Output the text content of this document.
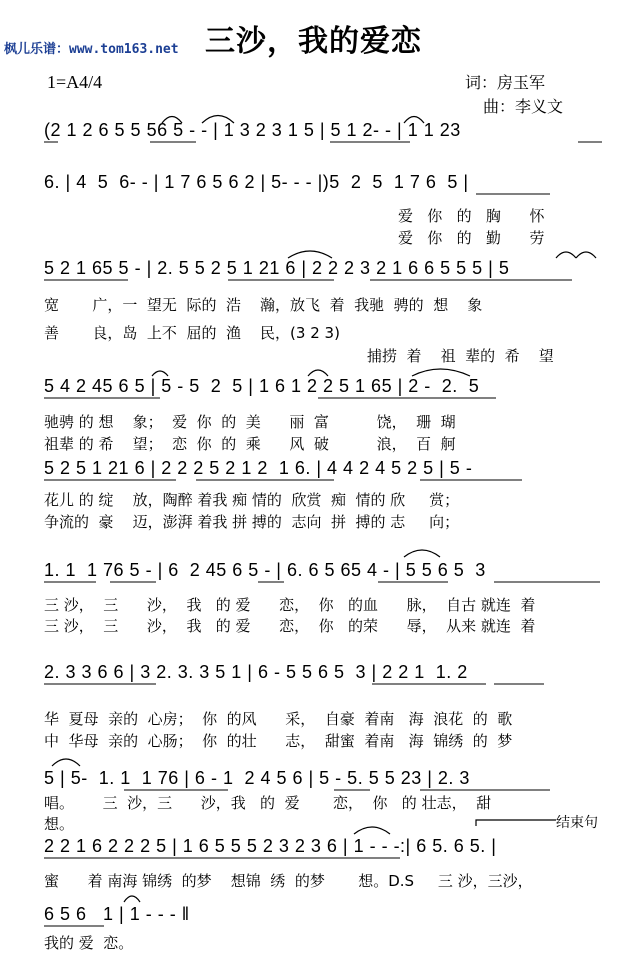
枫儿乐谱：www.tom163.net 三沙，我的爱恋
1=A4/4	词：房玉军
曲：李义文
(2 1 2 6 5 5 56 5 - - | 1 3 2 3 1 5 | 5 1 2- - | 1 1 23
6. | 4  5  6- - | 1 7 6 5 6 2 | 5- - - |)5  2  5  1 7 6  5 |
爱   你   的   胸      怀
爱   你   的   勤      劳
5 2 1 65 5 - | 2. 5 5 2 5 1 21 6 | 2 2 2 3 2 1 6 6 5 5 5 | 5
宽       广，一  望无  际的  浩    瀚，放飞  着  我驰  骋的  想    象
善       良，岛  上不  屈的  渔    民，(3 2 3)
捕捞  着    祖  辈的  希    望
5 4 2 45 6 5 | 5 - 5  2  5 | 1 6 1 2 2 5 1 65 | 2 -  2.  5
驰骋 的 想    象；  爱  你  的  美      丽  富          饶，  珊  瑚
祖辈 的 希    望；  恋  你  的  乘      风  破          浪，  百  舸
5 2 5 1 21 6 | 2 2 2 5 2 1 2  1 6. | 4 4 2 4 5 2 5 | 5 -
花儿 的 绽    放，陶醉 着我 痴 情的  欣赏  痴  情的 欣     赏；
争流的  豪    迈，澎湃 着我 拼 搏的  志向  拼  搏的 志     向；
1. 1  1 76 5 - | 6  2 45 6 5 - | 6. 6 5 65 4 - | 5 5 6 5  3
三 沙，  三      沙，  我   的 爱      恋，  你   的血      脉，  自古 就连  着
三 沙，  三      沙，  我   的 爱      恋，  你   的荣      辱，  从来 就连  着
2. 3 3 6 6 | 3 2. 3. 3 5 1 | 6 - 5 5 6 5  3 | 2 2 1  1. 2
华  夏母  亲的  心房；  你  的风      采，  自豪  着南   海  浪花  的  歌
中  华母  亲的  心肠；  你  的壮      志，  甜蜜  着南   海  锦绣  的  梦
5 | 5-  1. 1  1 76 | 6 - 1  2 4 5 6 | 5 - 5. 5 5 23 | 2. 3
唱。      三  沙，三      沙，我   的  爱       恋，  你   的 壮志，  甜
想。	结束句
2 2 1 6 2 2 2 5 | 1 6 5 5 5 2 3 2 3 6 | 1 - - -:| 6 5. 6 5. |
蜜      着 南海 锦绣  的梦    想锦  绣  的梦       想。D.S     三 沙，三沙，
6 5 6   1 | 1 - - - ‖
我的 爱  恋。
